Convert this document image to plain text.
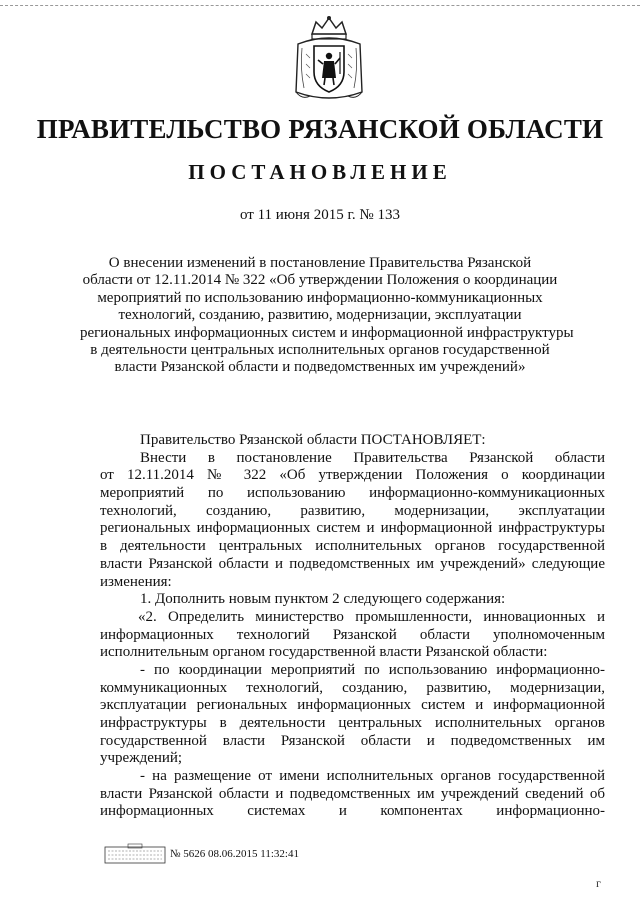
ПРАВИТЕЛЬСТВО РЯЗАНСКОЙ ОБЛАСТИ
ПОСТАНОВЛЕНИЕ
от 11 июня 2015 г. № 133
О внесении изменений в постановление Правительства Рязанской
области от 12.11.2014 № 322 «Об утверждении Положения о координации
мероприятий по использованию информационно-коммуникационных
технологий, созданию, развитию, модернизации, эксплуатации
региональных информационных систем и информационной инфраструктуры
в деятельности центральных исполнительных органов государственной
власти Рязанской области и подведомственных им учреждений»
Правительство Рязанской области ПОСТАНОВЛЯЕТ:
Внести в постановление Правительства Рязанской области
от 12.11.2014 № 322 «Об утверждении Положения о координации
мероприятий по использованию информационно-коммуникационных
технологий, созданию, развитию, модернизации, эксплуатации
региональных информационных систем и информационной инфраструктуры
в деятельности центральных исполнительных органов государственной
власти Рязанской области и подведомственных им учреждений» следующие
изменения:
1. Дополнить новым пунктом 2 следующего содержания:
«2. Определить министерство промышленности, инновационных и
информационных технологий Рязанской области уполномоченным
исполнительным органом государственной власти Рязанской области:
- по координации мероприятий по использованию информационно-
коммуникационных технологий, созданию, развитию, модернизации,
эксплуатации региональных информационных систем и информационной
инфраструктуры в деятельности центральных исполнительных органов
государственной власти Рязанской области и подведомственных им
учреждений;
- на размещение от имени исполнительных органов государственной
власти Рязанской области и подведомственных им учреждений сведений об
информационных системах и компонентах информационно-
№ 5626 08.06.2015 11:32:41
г
